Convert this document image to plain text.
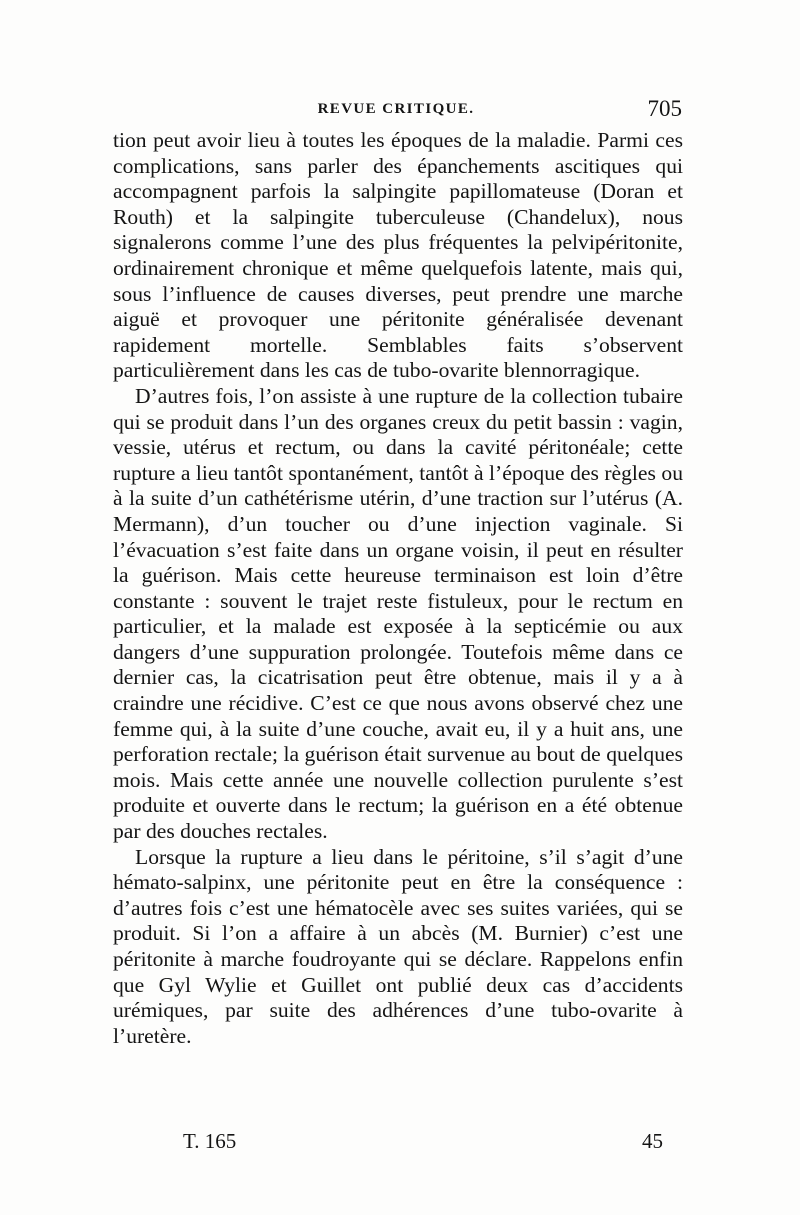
REVUE CRITIQUE.	705

tion peut avoir lieu à toutes les époques de la maladie. Parmi ces complications, sans parler des épanchements ascitiques qui accompagnent parfois la salpingite papillomateuse (Doran et Routh) et la salpingite tuberculeuse (Chandelux), nous signalerons comme l’une des plus fréquentes la pelvipéritonite, ordinairement chronique et même quelquefois latente, mais qui, sous l’influence de causes diverses, peut prendre une marche aiguë et provoquer une péritonite généralisée devenant rapidement mortelle. Semblables faits s’observent particulièrement dans les cas de tubo-ovarite blennorragique.

D’autres fois, l’on assiste à une rupture de la collection tubaire qui se produit dans l’un des organes creux du petit bassin : vagin, vessie, utérus et rectum, ou dans la cavité péritonéale; cette rupture a lieu tantôt spontanément, tantôt à l’époque des règles ou à la suite d’un cathétérisme utérin, d’une traction sur l’utérus (A. Mermann), d’un toucher ou d’une injection vaginale. Si l’évacuation s’est faite dans un organe voisin, il peut en résulter la guérison. Mais cette heureuse terminaison est loin d’être constante : souvent le trajet reste fistuleux, pour le rectum en particulier, et la malade est exposée à la septicémie ou aux dangers d’une suppuration prolongée. Toutefois même dans ce dernier cas, la cicatrisation peut être obtenue, mais il y a à craindre une récidive. C’est ce que nous avons observé chez une femme qui, à la suite d’une couche, avait eu, il y a huit ans, une perforation rectale; la guérison était survenue au bout de quelques mois. Mais cette année une nouvelle collection purulente s’est produite et ouverte dans le rectum; la guérison en a été obtenue par des douches rectales.

Lorsque la rupture a lieu dans le péritoine, s’il s’agit d’une hémato-salpinx, une péritonite peut en être la conséquence : d’autres fois c’est une hématocèle avec ses suites variées, qui se produit. Si l’on a affaire à un abcès (M. Burnier) c’est une péritonite à marche foudroyante qui se déclare. Rappelons enfin que Gyl Wylie et Guillet ont publié deux cas d’accidents urémiques, par suite des adhérences d’une tubo-ovarite à l’uretère.

T. 165	45
